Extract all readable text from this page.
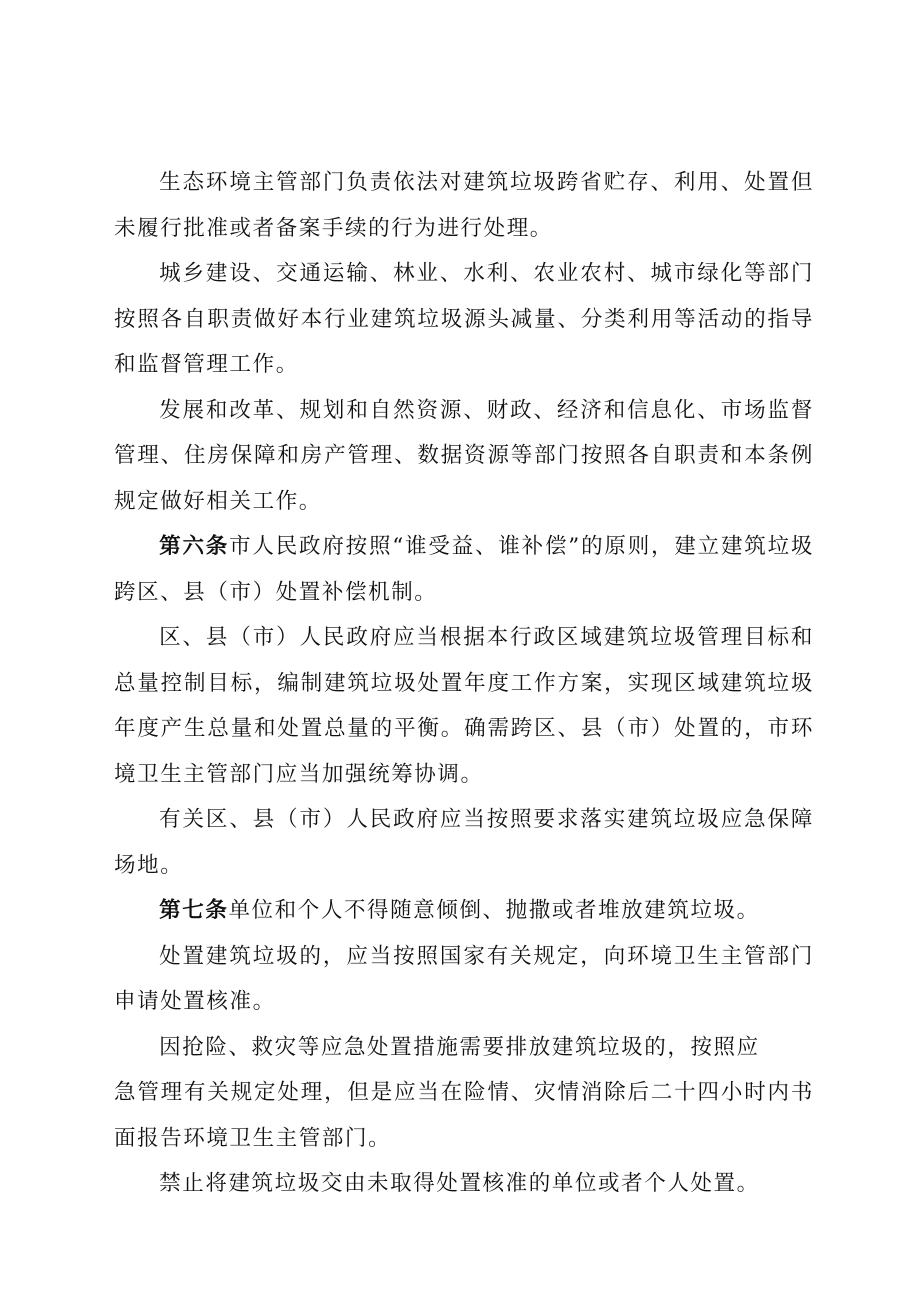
生态环境主管部门负责依法对建筑垃圾跨省贮存、利用、处置但未履行批准或者备案手续的行为进行处理。

城乡建设、交通运输、林业、水利、农业农村、城市绿化等部门按照各自职责做好本行业建筑垃圾源头减量、分类利用等活动的指导和监督管理工作。

发展和改革、规划和自然资源、财政、经济和信息化、市场监督管理、住房保障和房产管理、数据资源等部门按照各自职责和本条例规定做好相关工作。

第六条市人民政府按照“谁受益、谁补偿”的原则，建立建筑垃圾跨区、县（市）处置补偿机制。

区、县（市）人民政府应当根据本行政区域建筑垃圾管理目标和总量控制目标，编制建筑垃圾处置年度工作方案，实现区域建筑垃圾年度产生总量和处置总量的平衡。确需跨区、县（市）处置的，市环境卫生主管部门应当加强统筹协调。

有关区、县（市）人民政府应当按照要求落实建筑垃圾应急保障场地。

第七条单位和个人不得随意倾倒、抛撒或者堆放建筑垃圾。

处置建筑垃圾的，应当按照国家有关规定，向环境卫生主管部门申请处置核准。

因抢险、救灾等应急处置措施需要排放建筑垃圾的，按照应
急管理有关规定处理，但是应当在险情、灾情消除后二十四小时内书面报告环境卫生主管部门。

禁止将建筑垃圾交由未取得处置核准的单位或者个人处置。
